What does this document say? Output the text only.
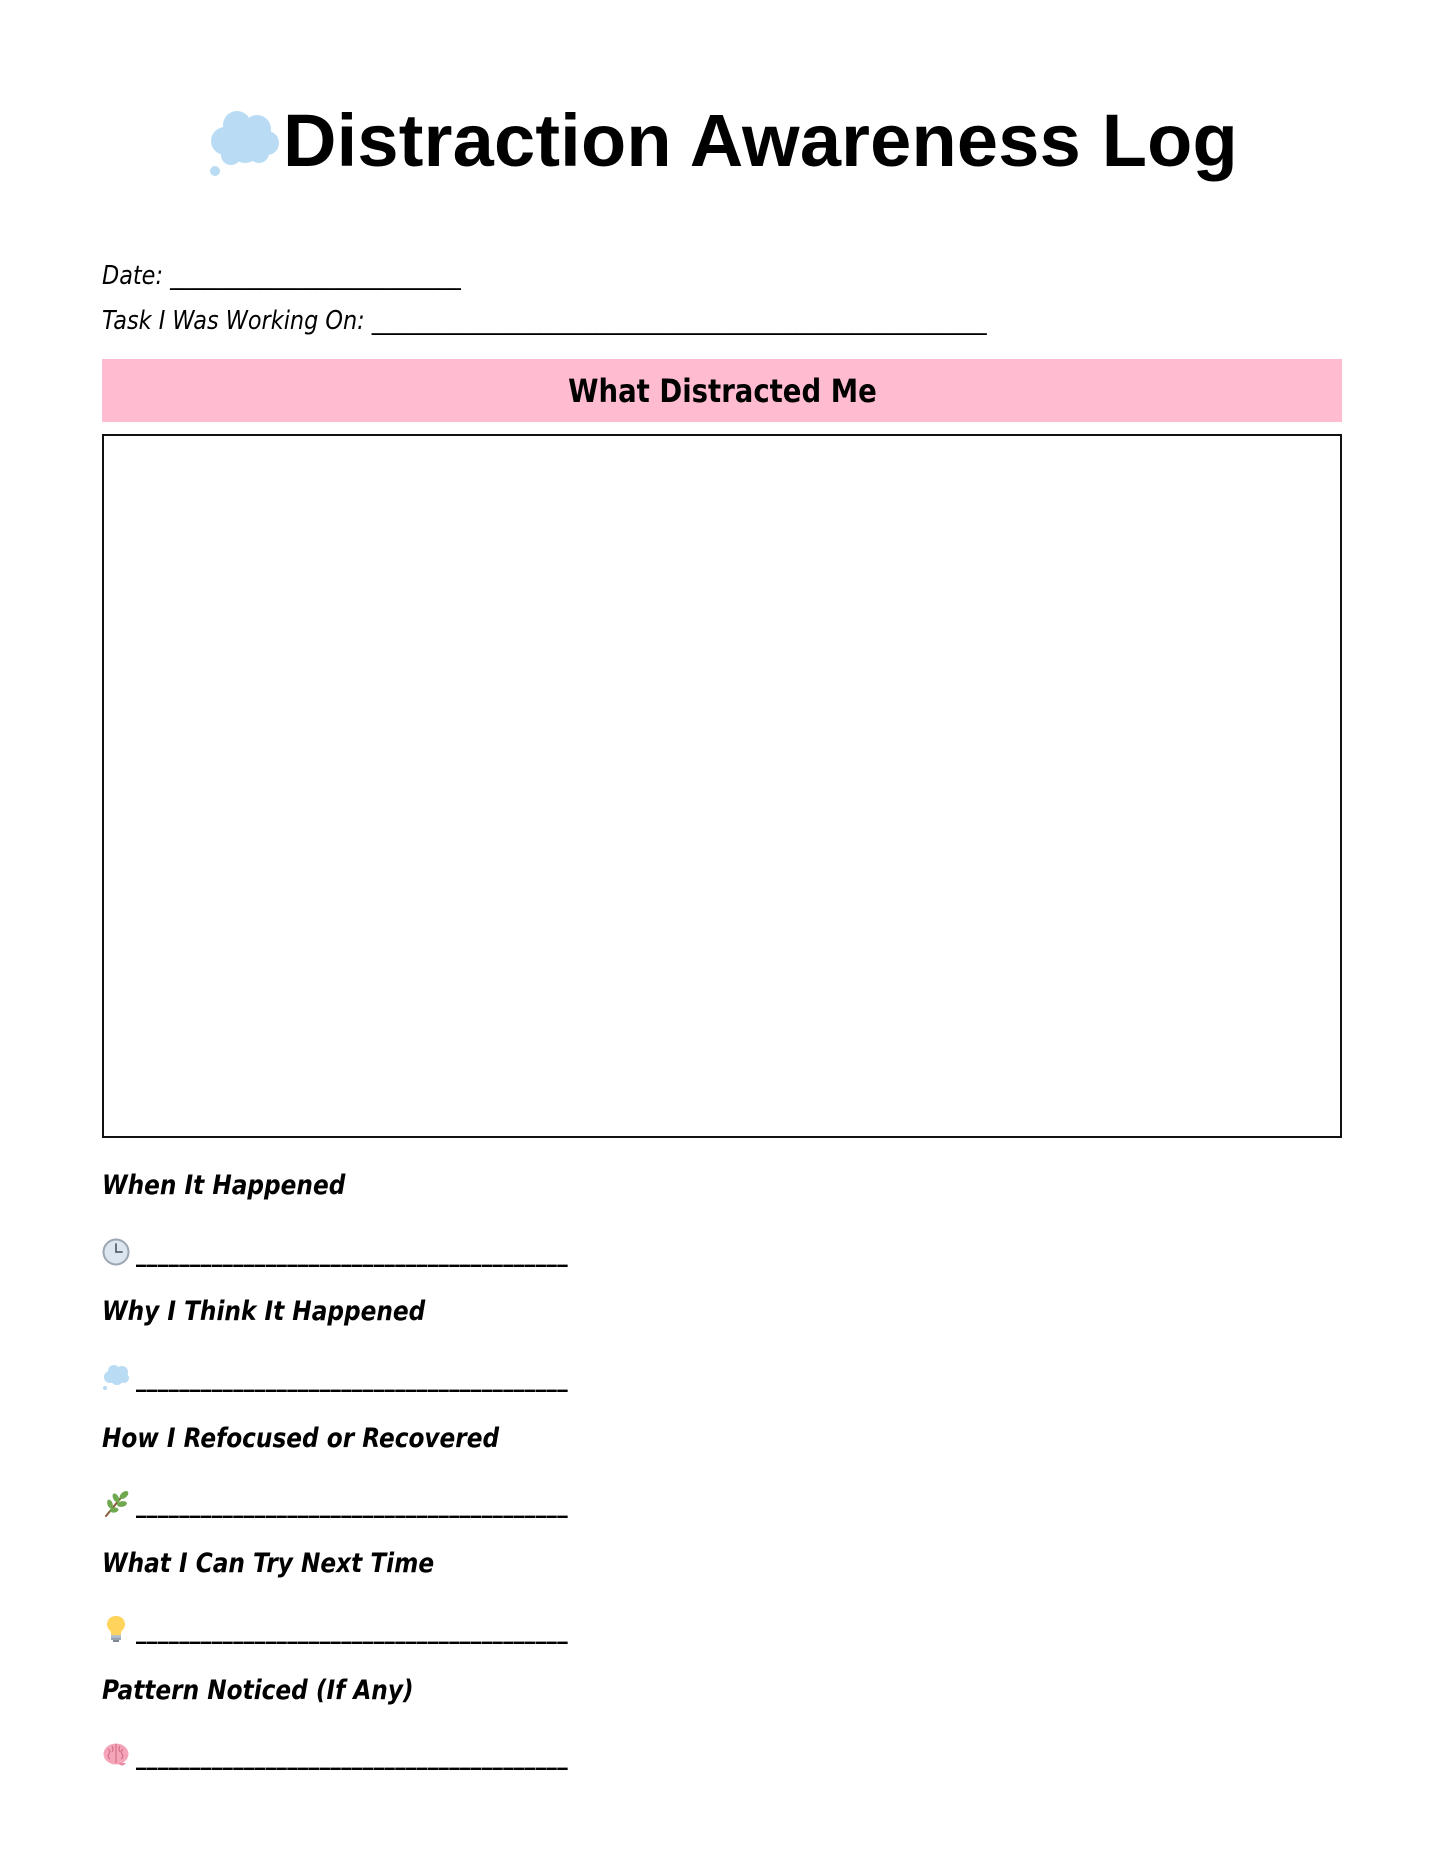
Distraction Awareness Log
Date: __________________________
Task I Was Working On: _______________________________________________________
What Distracted Me
When It Happened
________________________________________
Why I Think It Happened
________________________________________
How I Refocused or Recovered
________________________________________
What I Can Try Next Time
________________________________________
Pattern Noticed (If Any)
________________________________________
